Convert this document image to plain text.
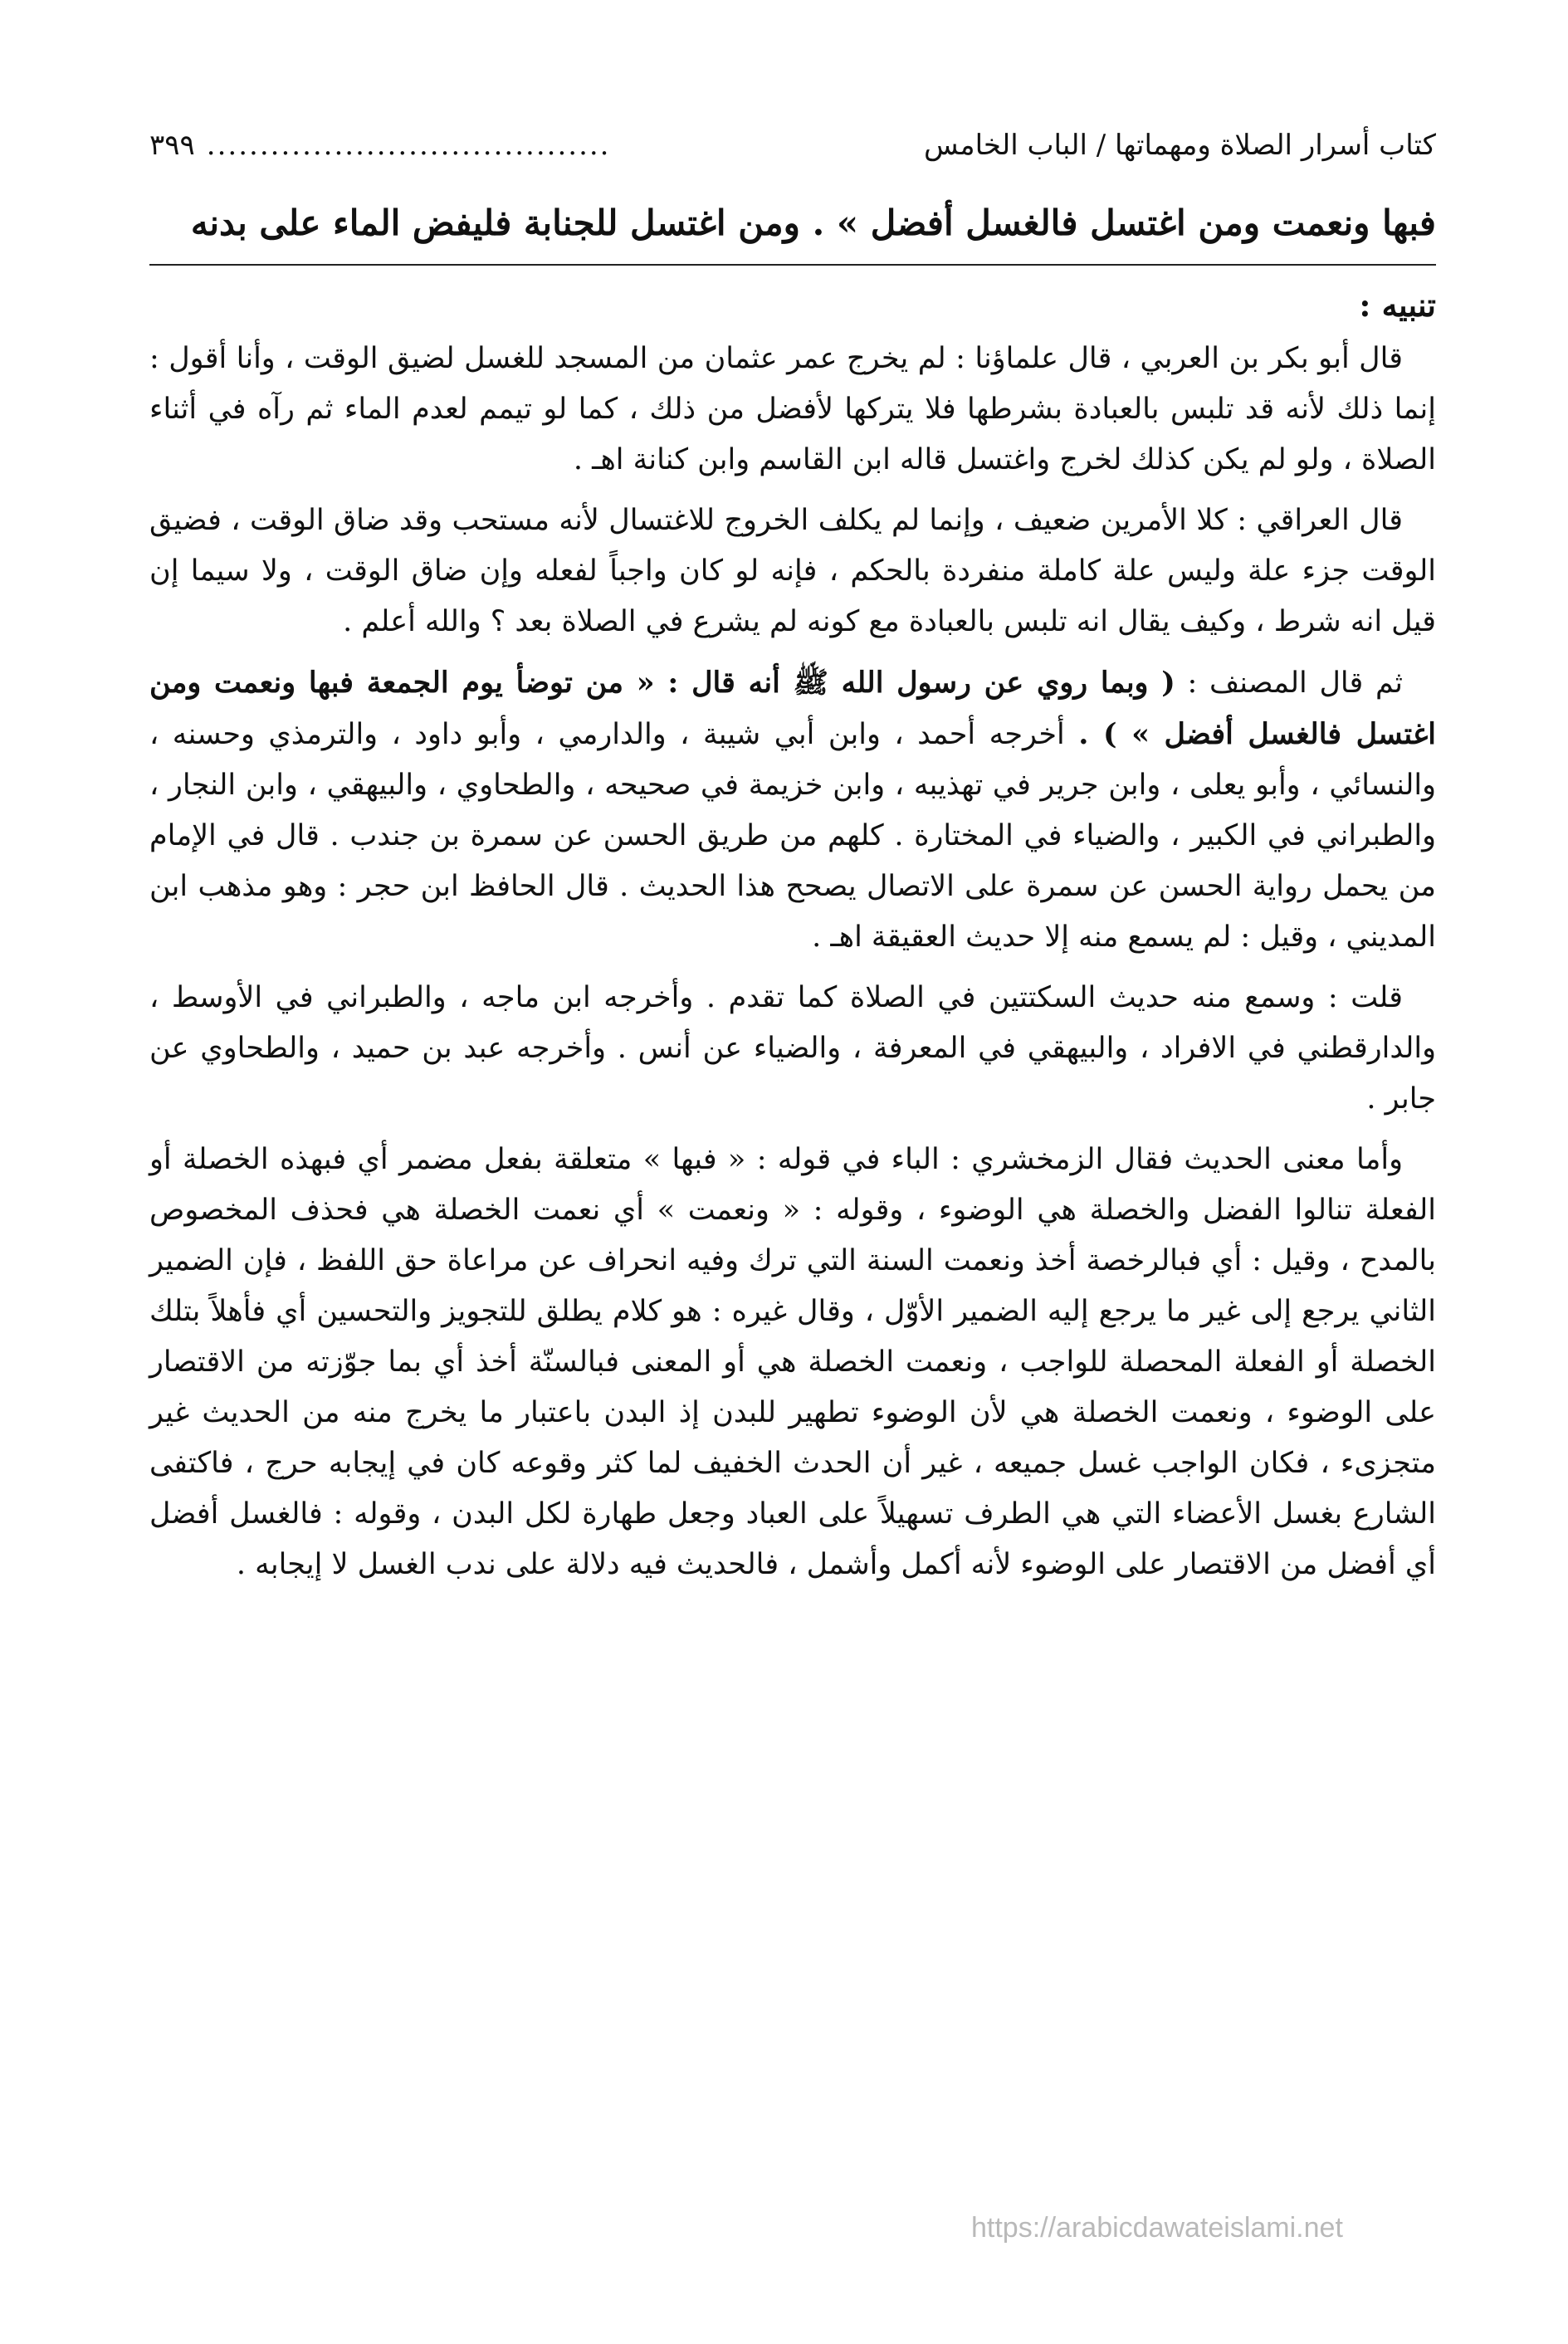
كتاب أسرار الصلاة ومهماتها / الباب الخامس
......................................
٣٩٩
فبها ونعمت ومن اغتسل فالغسل أفضل » . ومن اغتسل للجنابة فليفض الماء على بدنه
تنبيه :

قال أبو بكر بن العربي ، قال علماؤنا : لم يخرج عمر عثمان من المسجد للغسل لضيق الوقت ، وأنا أقول : إنما ذلك لأنه قد تلبس بالعبادة بشرطها فلا يتركها لأفضل من ذلك ، كما لو تيمم لعدم الماء ثم رآه في أثناء الصلاة ، ولو لم يكن كذلك لخرج واغتسل قاله ابن القاسم وابن كنانة اهـ .

قال العراقي : كلا الأمرين ضعيف ، وإنما لم يكلف الخروج للاغتسال لأنه مستحب وقد ضاق الوقت ، فضيق الوقت جزء علة وليس علة كاملة منفردة بالحكم ، فإنه لو كان واجباً لفعله وإن ضاق الوقت ، ولا سيما إن قيل انه شرط ، وكيف يقال انه تلبس بالعبادة مع كونه لم يشرع في الصلاة بعد ؟ والله أعلم .

ثم قال المصنف : ( وبما روي عن رسول الله ﷺ أنه قال : « من توضأ يوم الجمعة فبها ونعمت ومن اغتسل فالغسل أفضل » ) . أخرجه أحمد ، وابن أبي شيبة ، والدارمي ، وأبو داود ، والترمذي وحسنه ، والنسائي ، وأبو يعلى ، وابن جرير في تهذيبه ، وابن خزيمة في صحيحه ، والطحاوي ، والبيهقي ، وابن النجار ، والطبراني في الكبير ، والضياء في المختارة . كلهم من طريق الحسن عن سمرة بن جندب . قال في الإمام من يحمل رواية الحسن عن سمرة على الاتصال يصحح هذا الحديث . قال الحافظ ابن حجر : وهو مذهب ابن المديني ، وقيل : لم يسمع منه إلا حديث العقيقة اهـ .

قلت : وسمع منه حديث السكتتين في الصلاة كما تقدم . وأخرجه ابن ماجه ، والطبراني في الأوسط ، والدارقطني في الافراد ، والبيهقي في المعرفة ، والضياء عن أنس . وأخرجه عبد بن حميد ، والطحاوي عن جابر .

وأما معنى الحديث فقال الزمخشري : الباء في قوله : « فبها » متعلقة بفعل مضمر أي فبهذه الخصلة أو الفعلة تنالوا الفضل والخصلة هي الوضوء ، وقوله : « ونعمت » أي نعمت الخصلة هي فحذف المخصوص بالمدح ، وقيل : أي فبالرخصة أخذ ونعمت السنة التي ترك وفيه انحراف عن مراعاة حق اللفظ ، فإن الضمير الثاني يرجع إلى غير ما يرجع إليه الضمير الأوّل ، وقال غيره : هو كلام يطلق للتجويز والتحسين أي فأهلاً بتلك الخصلة أو الفعلة المحصلة للواجب ، ونعمت الخصلة هي أو المعنى فبالسنّة أخذ أي بما جوّزته من الاقتصار على الوضوء ، ونعمت الخصلة هي لأن الوضوء تطهير للبدن إذ البدن باعتبار ما يخرج منه من الحديث غير متجزىء ، فكان الواجب غسل جميعه ، غير أن الحدث الخفيف لما كثر وقوعه كان في إيجابه حرج ، فاكتفى الشارع بغسل الأعضاء التي هي الطرف تسهيلاً على العباد وجعل طهارة لكل البدن ، وقوله : فالغسل أفضل أي أفضل من الاقتصار على الوضوء لأنه أكمل وأشمل ، فالحديث فيه دلالة على ندب الغسل لا إيجابه .

https://arabicdawateislami.net
